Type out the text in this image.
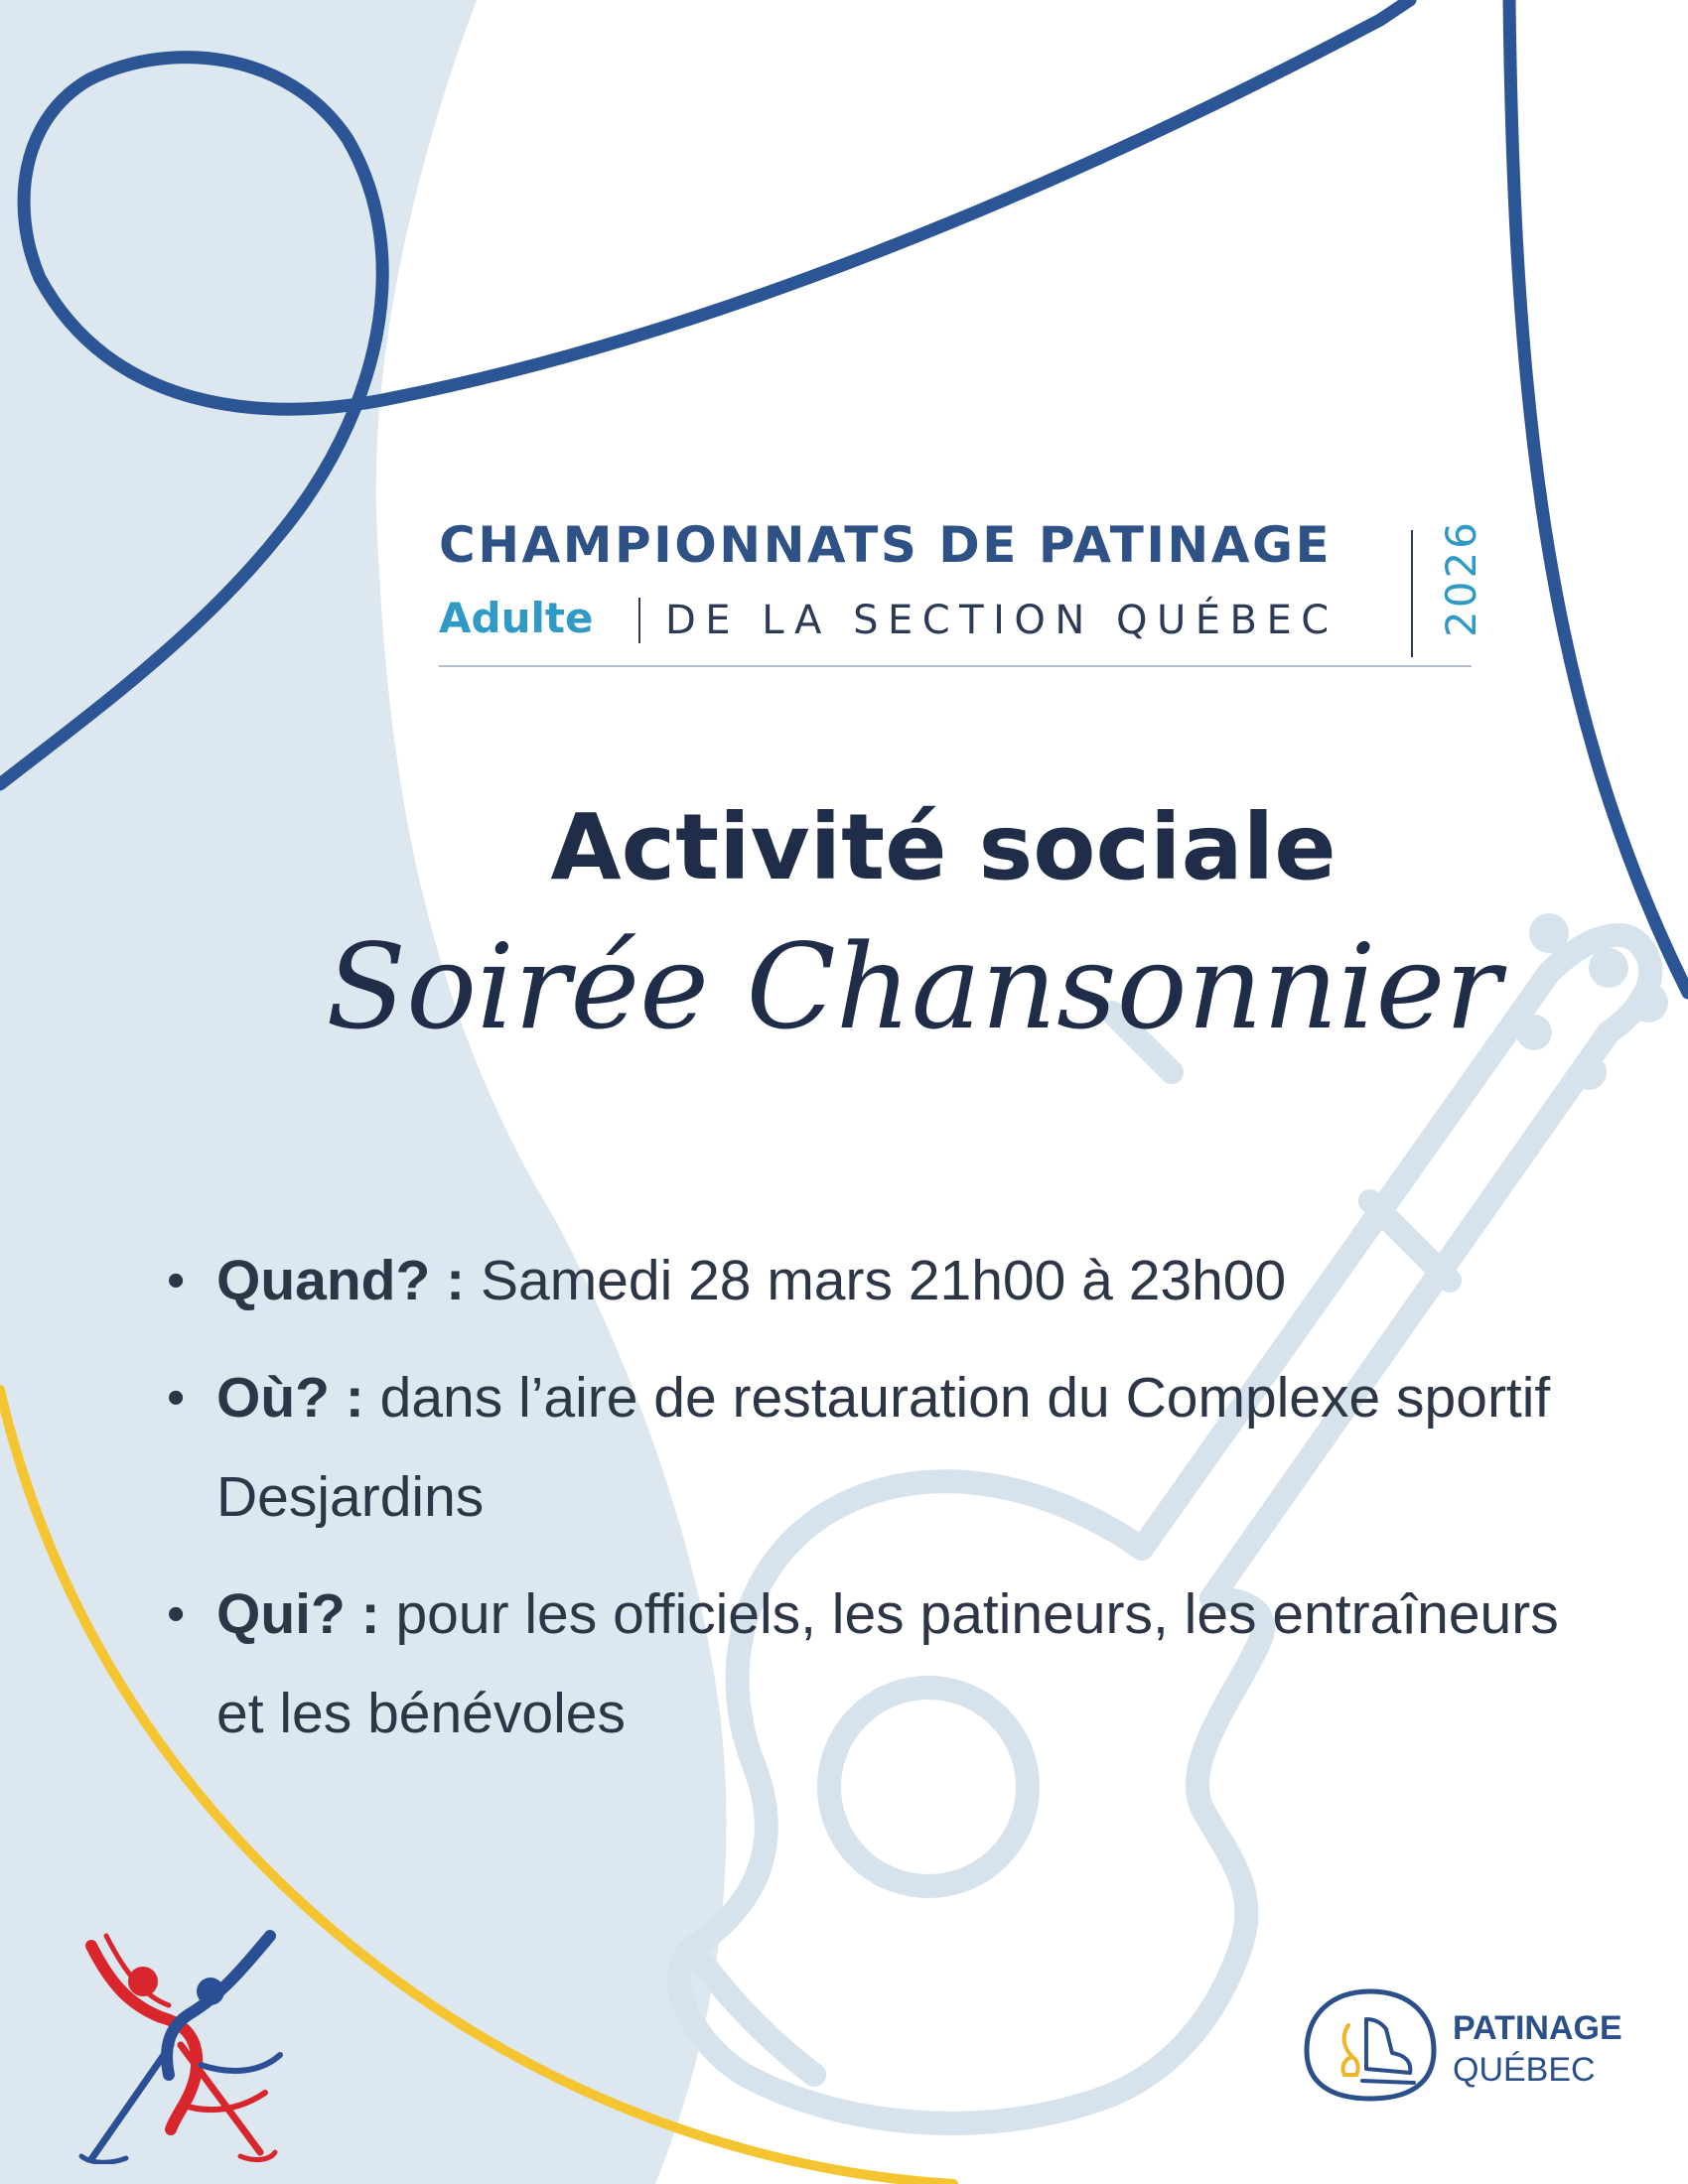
CHAMPIONNATS DE PATINAGE
Adulte DE LA SECTION QUÉBEC 2026
Activité sociale
Soirée Chansonnier
• Quand? : Samedi 28 mars 21h00 à 23h00
• Où? : dans l’aire de restauration du Complexe sportif Desjardins
• Qui? : pour les officiels, les patineurs, les entraîneurs et les bénévoles
PATINAGE
QUÉBEC
